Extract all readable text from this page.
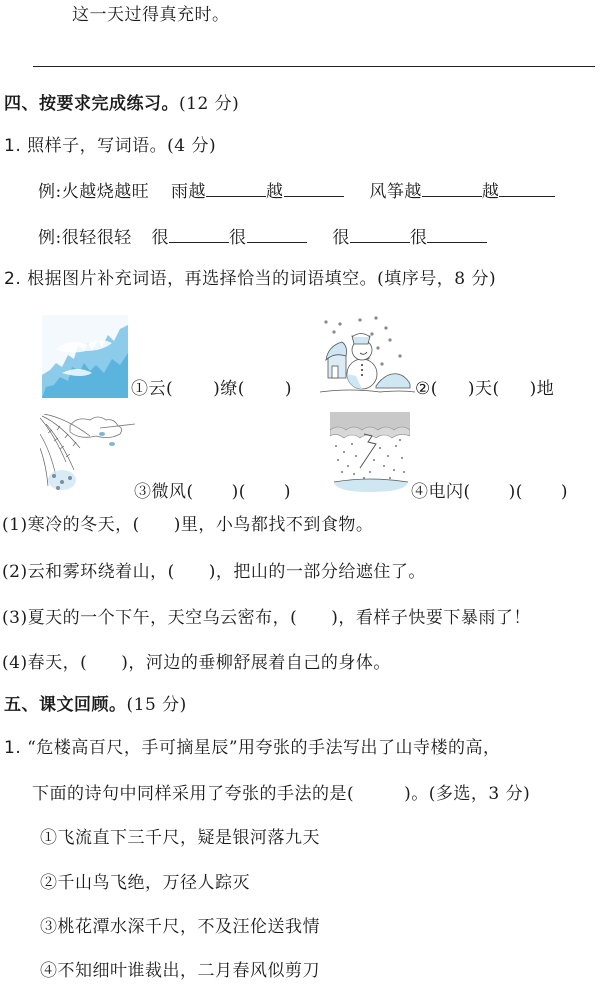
这一天过得真充时。
四、按要求完成练习。(12 分)
1. 照样子，写词语。(4 分)
例:火越烧越旺 雨越	越	风筝越	越
例:很轻很轻 很	很	很	很
2. 根据图片补充词语，再选择恰当的词语填空。(填序号，8 分)
①云( )缭( )	②( )天( )地
③微风( )( )	④电闪( )( )
(1)寒冷的冬天，( )里，小鸟都找不到食物。
(2)云和雾环绕着山，( )，把山的一部分给遮住了。
(3)夏天的一个下午，天空乌云密布，( )，看样子快要下暴雨了！
(4)春天，( )，河边的垂柳舒展着自己的身体。
五、课文回顾。(15 分)
1. “危楼高百尺，手可摘星辰”用夸张的手法写出了山寺楼的高，
下面的诗句中同样采用了夸张的手法的是(	)。(多选，3 分)
①飞流直下三千尺，疑是银河落九天
②千山鸟飞绝，万径人踪灭
③桃花潭水深千尺，不及汪伦送我情
④不知细叶谁裁出，二月春风似剪刀
